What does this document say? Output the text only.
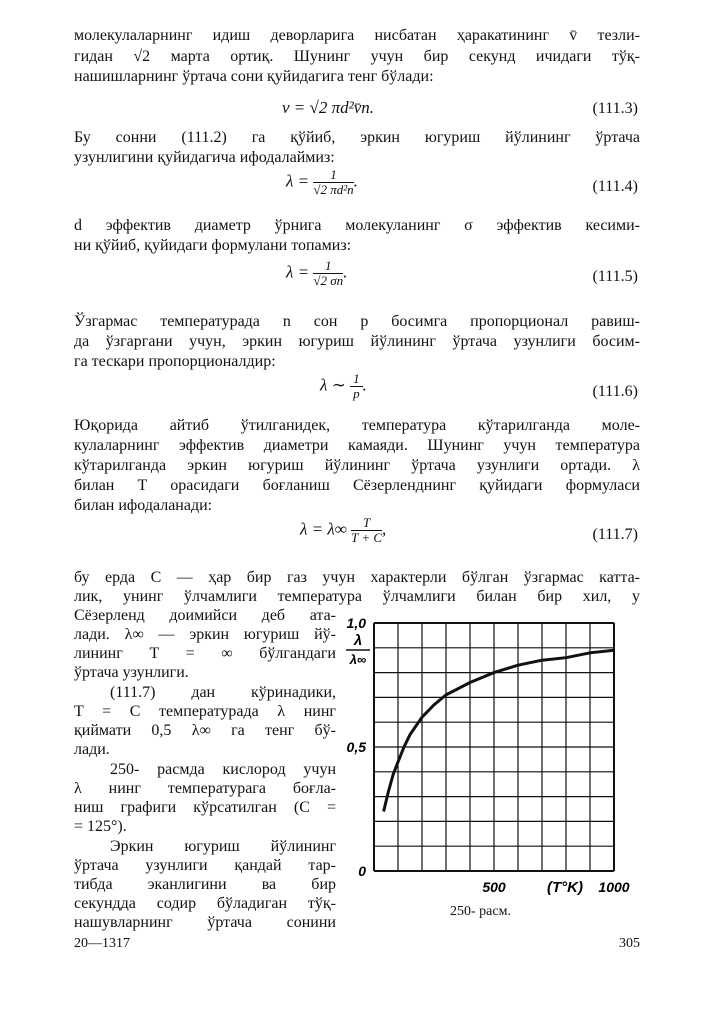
молекулаларнинг идиш деворларига нисбатан ҳаракатининг v̄ тезли-
гидан √2 марта ортиқ. Шунинг учун бир секунд ичидаги тўқ-
нашишларнинг ўртача сони қуйидагига тенг бўлади:
ν = √2 πd²v̄n.	(111.3)
Бу сонни (111.2) га қўйиб, эркин югуриш йўлининг ўртача
узунлигини қуйидагича ифодалаймиз:
$\lambda = \frac{1}{\text{√2 πd²n}}$ .	(111.4)
d эффектив диаметр ўрнига молекуланинг σ эффектив кесими-
ни қўйиб, қуйидаги формулани топамиз:
$\lambda = \frac{1}{√2 \sigma n}$ .	(111.5)
Ўзгармас температурада n сон p босимга пропорционал равиш-
да ўзгаргани учун, эркин югуриш йўлининг ўртача узунлиги босим-
га тескари пропорционалдир:
λ ∼ $\frac{1}{p}$ .	(111.6)
Юқорида айтиб ўтилганидек, температура кўтарилганда моле-
кулаларнинг эффектив диаметри камаяди. Шунинг учун температура
кўтарилганда эркин югуриш йўлининг ўртача узунлиги ортади. λ
билан T орасидаги боғланиш Сёзерленднинг қуйидаги формуласи
билан ифодаланади:
$\lambda = \lambda\infty \frac{T}{T + C}$ ,	(111.7)
бу ерда C — ҳар бир газ учун характерли бўлган ўзгармас катта-
лик, унинг ўлчамлиги температура ўлчамлиги билан бир хил, у
Сёзерленд доимийси деб ата-
лади. λ∞ — эркин югуриш йў-
лининг T = ∞ бўлгандаги
ўртача узунлиги.
(111.7) дан кўринадики,
T = C температурада λ нинг
қиймати 0,5 λ∞ га тенг бў-
лади.
250- расмда кислород учун
λ нинг температурага боғла-
ниш графиги кўрсатилган (C =
= 125°).
Эркин югуриш йўлининг
ўртача узунлиги қандай тар-
тибда эканлигини ва бир
секундда содир бўладиган тўқ-
нашувларнинг ўртача сонини
0
0,5
1,0
500	1000
λ
λ∞
(T°K)
250- расм.
20—1317	305
